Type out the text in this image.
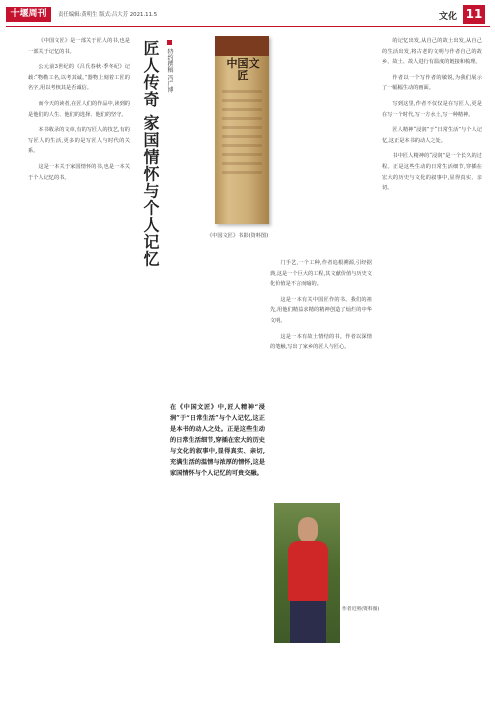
十堰周刊	责任编辑:黄明生 版式:吕大芳 2021.11.5	文化 11

《中国文匠》是一部关于匠人的书,也是一部关于记忆的书。

公元前3世纪的《吕氏春秋·季冬纪》记载:“物勒工名,以考其诚。”器物上刻着工匠的名字,用以考核其是否诚信。

而今天的读者,在匠人们的作品中,读到的是他们的人生、他们的选择、他们的坚守。

本书收录的文章,有的写匠人的技艺,有的写匠人的生活,更多的是写匠人与时代的关系。

这是一本关于家国情怀的书,也是一本关于个人记忆的书。	匠人传奇 家国情怀与个人记忆	特约撰稿 冯广博
在《中国文匠》中,匠人精神“浸润”于“日常生活”与个人记忆,这正是本书的动人之处。正是这些生动的日常生活细节,穿插在宏大的历史与文化的叙事中,显得真实、亲切,充满生活的温情与浓厚的情怀,这是家国情怀与个人记忆的可贵交融。
中国文匠
《中国文匠》书影(资料图)

门手艺,一个工种,作者追根溯源,引经据典,这是一个巨大的工程,其文献价值与历史文化价值是不言而喻的。

这是一本有关中国匠作的书。我们的祖先,用他们精益求精的精神创造了灿烂的中华文明。

这是一本有故土情结的书。作者以深情的笔触,写出了家乡的匠人与匠心。

作者近照(资料图)

的记忆出发,从自己的故土出发,从自己的生活出发,将古老的文明与作者自己的故乡、故土、故人进行有温度的链接和梳理。

作者以一个写作者的敏锐,为我们展示了一幅幅生动的画面。

写到这里,作者不仅仅是在写匠人,更是在写一个时代,写一方水土,写一种精神。

匠人精神“浸润”于“日常生活”与个人记忆,这正是本书的动人之处。

书中匠人精神的“浸润”是一个长久的过程。正是这些生动的日常生活细节,穿插在宏大的历史与文化的叙事中,显得真实、亲切。
